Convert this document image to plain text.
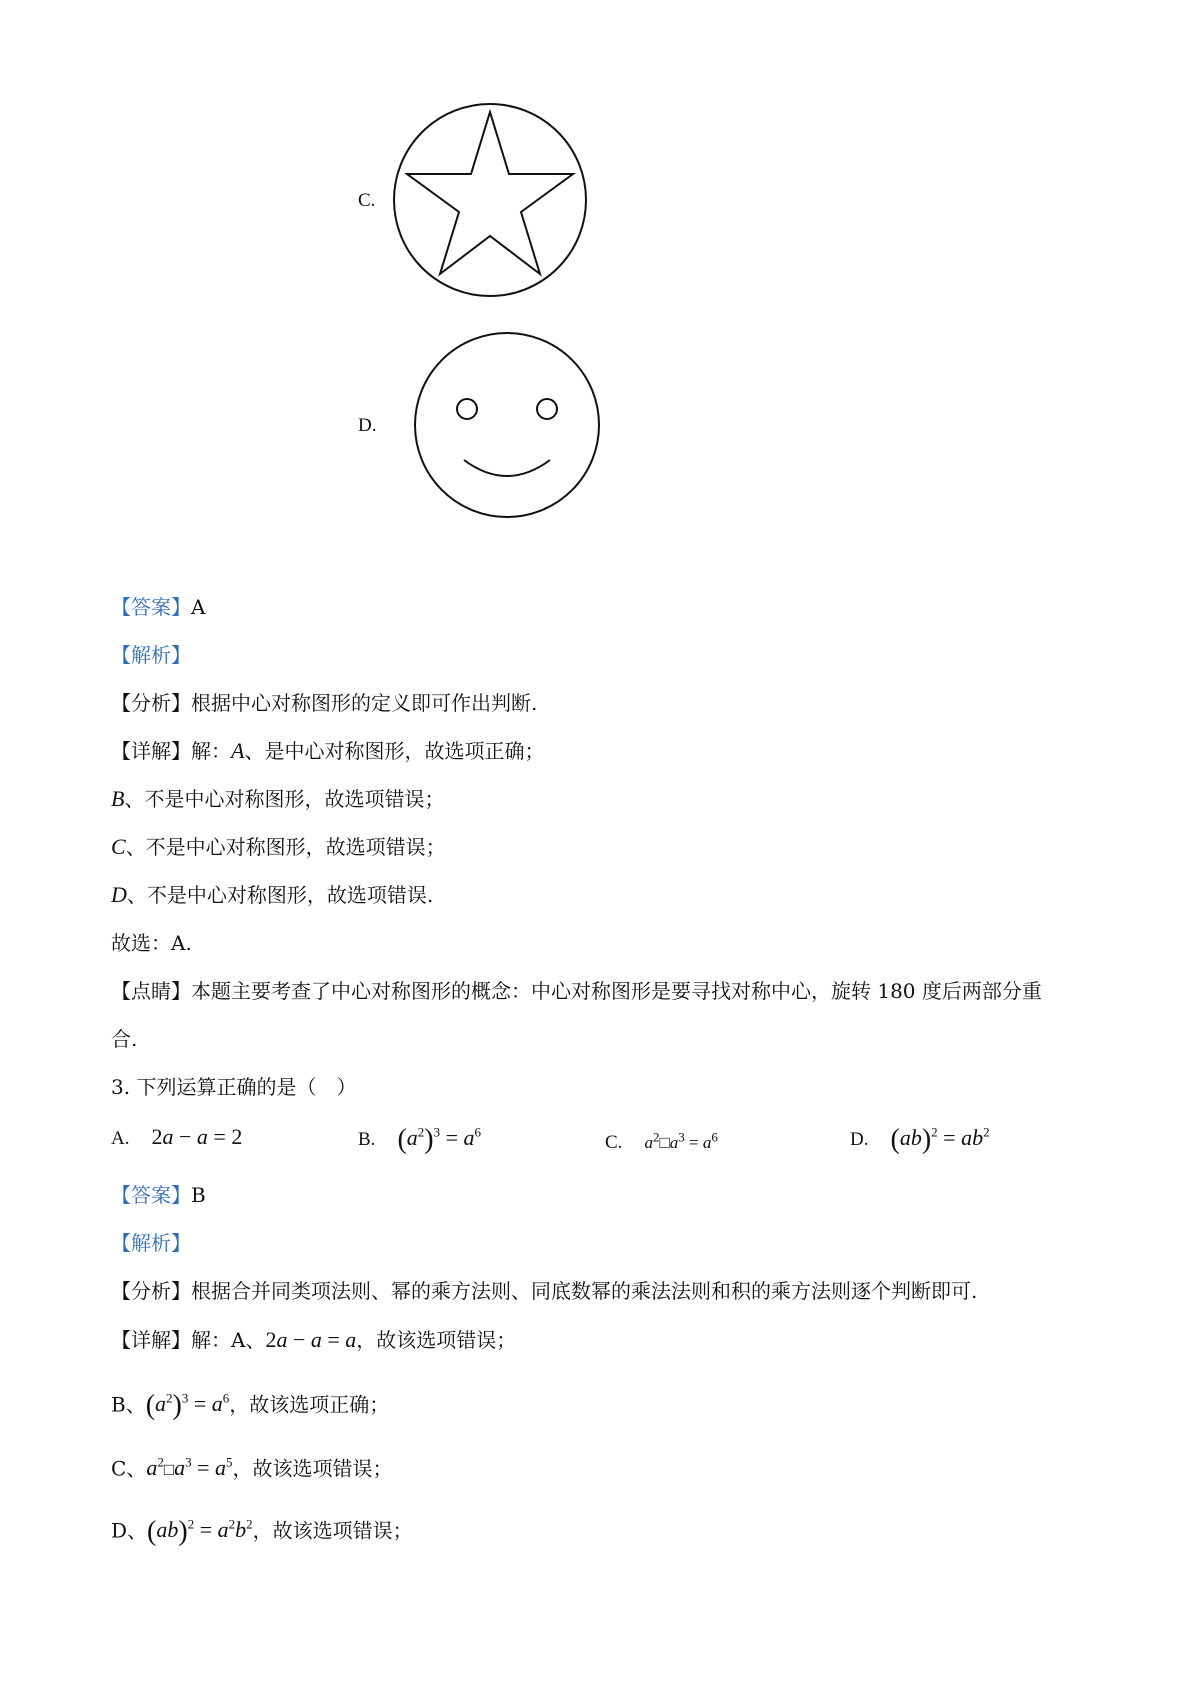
C.
D.
【答案】A
【解析】
【分析】根据中心对称图形的定义即可作出判断.
【详解】解：A、是中心对称图形，故选项正确；
B、不是中心对称图形，故选项错误；
C、不是中心对称图形，故选项错误；
D、不是中心对称图形，故选项错误.
故选：A.
【点睛】本题主要考查了中心对称图形的概念：中心对称图形是要寻找对称中心，旋转 180 度后两部分重
合.
3. 下列运算正确的是（　）
A. 2a − a = 2	B. $(a^2)^3 = a^6$	C. $a^2□a^3 = a^6$	D. $(ab)^2 = ab^2$
【答案】B
【解析】
【分析】根据合并同类项法则、幂的乘方法则、同底数幂的乘法法则和积的乘方法则逐个判断即可.
【详解】解：A、2a − a = a，故该选项错误；
B、$(a^2)^3 = a^6$，故该选项正确；
C、$a^2□a^3 = a^5$，故该选项错误；
D、$(ab)^2 = a^2b^2$，故该选项错误；
